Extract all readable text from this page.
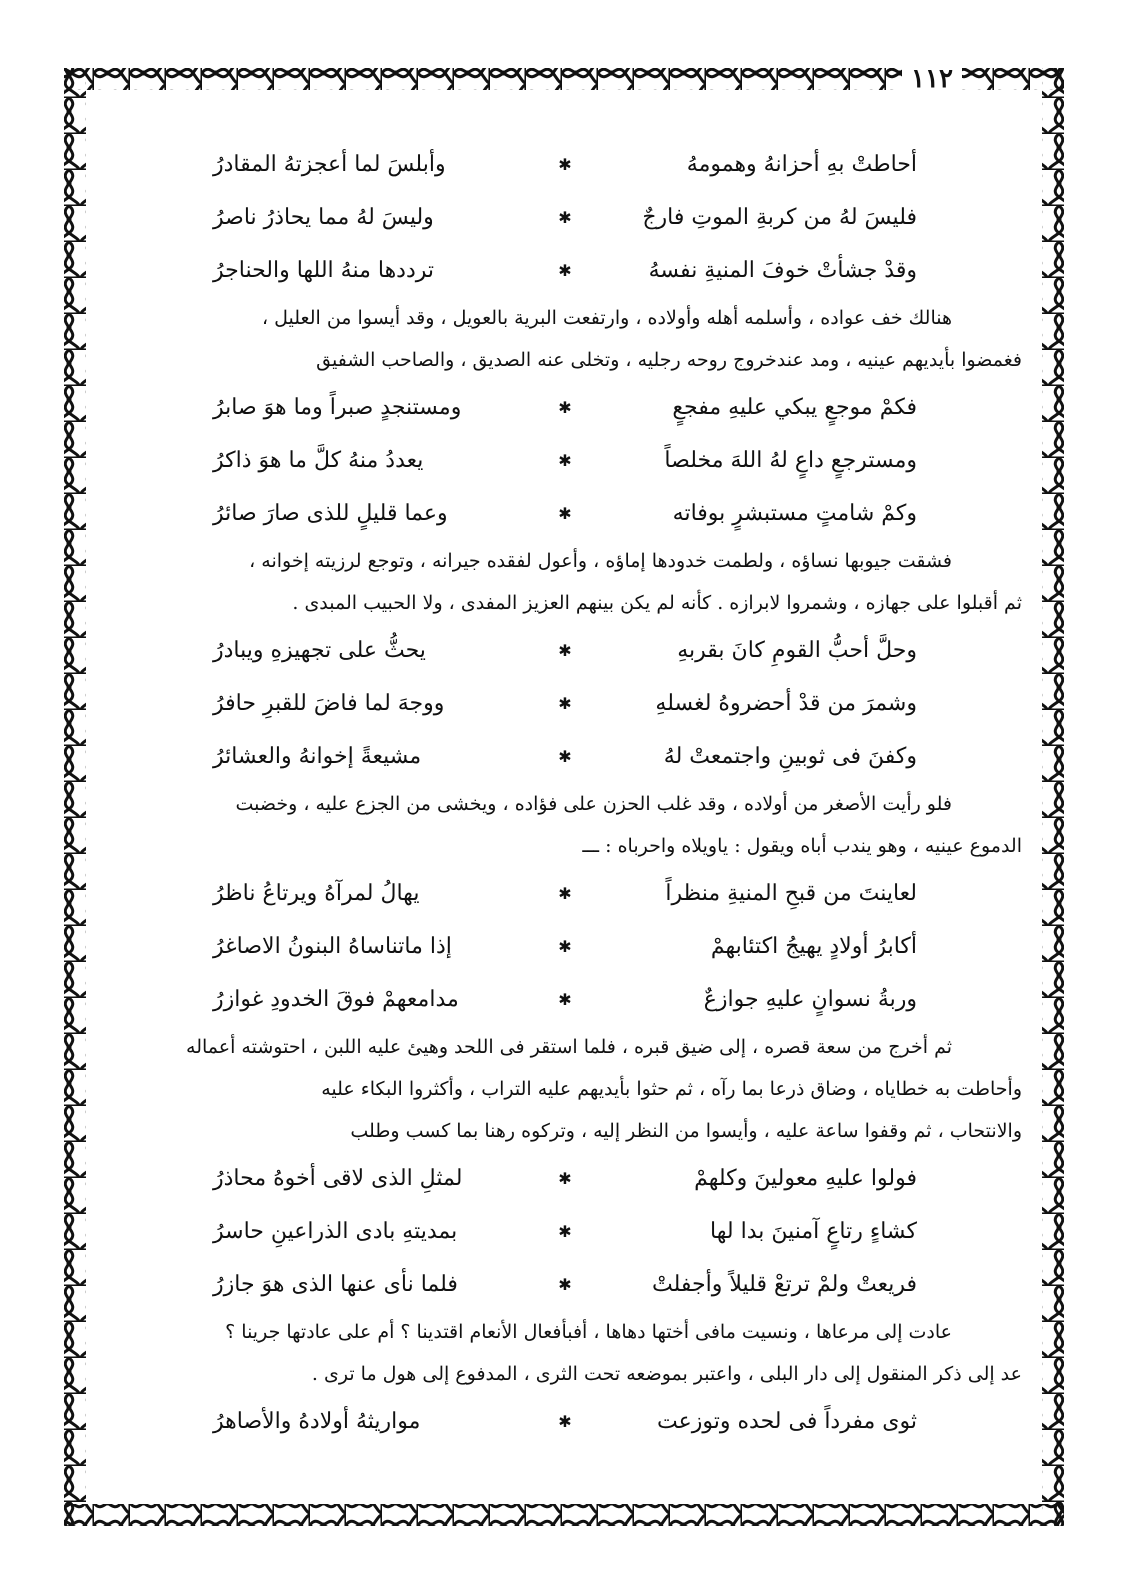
١١٢
أحاطتْ بهِ أحزانهُ وهمومهُ
✱
وأبلسَ لما أعجزتهُ المقادرُ
فليسَ لهُ من كربةِ الموتِ فارجٌ
✱
وليسَ لهُ مما يحاذرُ ناصرُ
وقدْ جشأتْ خوفَ المنيةِ نفسهُ
✱
ترددها منهُ اللها والحناجرُ
هنالك خف عواده ، وأسلمه أهله وأولاده ، وارتفعت البرية بالعويل ، وقد أيسوا من العليل ،
فغمضوا بأيديهم عينيه ، ومد عندخروج روحه رجليه ، وتخلى عنه الصديق ، والصاحب الشفيق
فكمْ موجعٍ يبكي عليهِ مفجعٍ
✱
ومستنجدٍ صبراً وما هوَ صابرُ
ومسترجعٍ داعٍ لهُ اللهَ مخلصاً
✱
يعددُ منهُ كلَّ ما هوَ ذاكرُ
وكمْ شامتٍ مستبشرٍ بوفاته
✱
وعما قليلٍ للذى صارَ صائرُ
فشقت جيوبها نساؤه ، ولطمت خدودها إماؤه ، وأعول لفقده جيرانه ، وتوجع لرزيته إخوانه ،
ثم أقبلوا على جهازه ، وشمروا لابرازه . كأنه لم يكن بينهم العزيز المفدى ، ولا الحبيب المبدى .
وحلَّ أحبُّ القومِ كانَ بقربهِ
✱
يحثُّ على تجهيزهِ ويبادرُ
وشمرَ من قدْ أحضروهُ لغسلهِ
✱
ووجهَ لما فاضَ للقبرِ حافرُ
وكفنَ فى ثوبينِ واجتمعتْ لهُ
✱
مشيعةً إخوانهُ والعشائرُ
فلو رأيت الأصغر من أولاده ، وقد غلب الحزن على فؤاده ، ويخشى من الجزع عليه ، وخضبت
الدموع عينيه ، وهو يندب أباه ويقول : ياويلاه واحرباه : ـــ
لعاينتَ من قبحِ المنيةِ منظراً
✱
يهالُ لمرآهُ ويرتاعُ ناظرُ
أكابرُ أولادٍ يهيجُ اكتئابهمْ
✱
إذا ماتناساهُ البنونُ الاصاغرُ
وربةُ نسوانٍ عليهِ جوازعٌ
✱
مدامعهمْ فوقَ الخدودِ غوازرُ
ثم أخرج من سعة قصره ، إلى ضيق قبره ، فلما استقر فى اللحد وهيئ عليه اللبن ، احتوشته أعماله
وأحاطت به خطاياه ، وضاق ذرعا بما رآه ، ثم حثوا بأيديهم عليه التراب ، وأكثروا البكاء عليه
والانتحاب ، ثم وقفوا ساعة عليه ، وأيسوا من النظر إليه ، وتركوه رهنا بما كسب وطلب
فولوا عليهِ معولينَ وكلهمْ
✱
لمثلِ الذى لاقى أخوهُ محاذرُ
كشاءٍ رتاعٍ آمنينَ بدا لها
✱
بمديتهِ بادى الذراعينِ حاسرُ
فريعتْ ولمْ ترتعْ قليلاً وأجفلتْ
✱
فلما نأى عنها الذى هوَ جازرُ
عادت إلى مرعاها ، ونسيت مافى أختها دهاها ، أفبأفعال الأنعام اقتدينا ؟ أم على عادتها جرينا ؟
عد إلى ذكر المنقول إلى دار البلى ، واعتبر بموضعه تحت الثرى ، المدفوع إلى هول ما ترى .
ثوى مفرداً فى لحده وتوزعت
✱
مواريثهُ أولادهُ والأصاهرُ
